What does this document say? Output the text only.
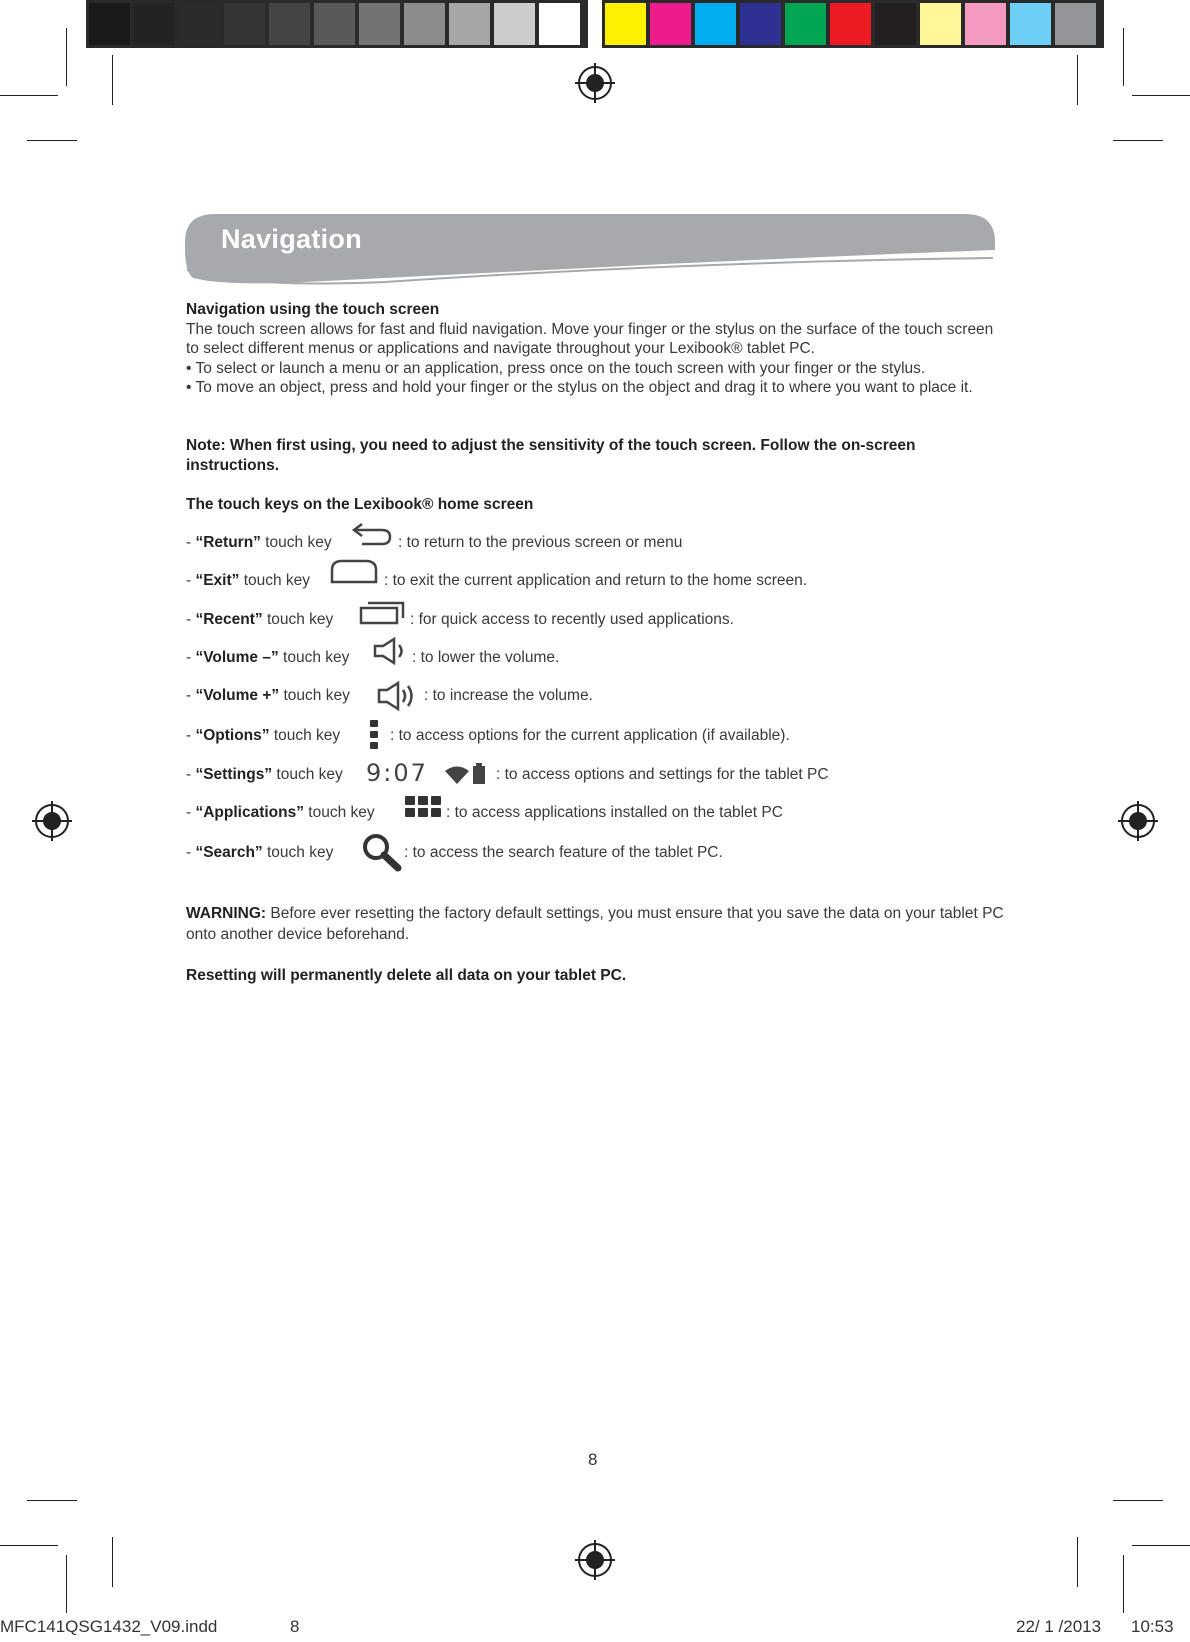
Navigation
Navigation using the touch screen
The touch screen allows for fast and fluid navigation. Move your finger or the stylus on the surface of the touch screen to select different menus or applications and navigate throughout your Lexibook® tablet PC.
• To select or launch a menu or an application, press once on the touch screen with your finger or the stylus.
• To move an object, press and hold your finger or the stylus on the object and drag it to where you want to place it.
Note: When first using, you need to adjust the sensitivity of the touch screen. Follow the on-screen instructions.
The touch keys on the Lexibook® home screen
- “Return” touch key	: to return to the previous screen or menu
- “Exit” touch key	: to exit the current application and return to the home screen.
- “Recent” touch key	: for quick access to recently used applications.
- “Volume –” touch key	: to lower the volume.
- “Volume +” touch key	: to increase the volume.
- “Options” touch key	: to access options for the current application (if available).
- “Settings” touch key 9:07	: to access options and settings for the tablet PC
- “Applications” touch key	: to access applications installed on the tablet PC
- “Search” touch key	: to access the search feature of the tablet PC.
WARNING: Before ever resetting the factory default settings, you must ensure that you save the data on your tablet PC onto another device beforehand.
Resetting will permanently delete all data on your tablet PC.
8
MFC141QSG1432_V09.indd	8	22/ 1 /2013 10:53
